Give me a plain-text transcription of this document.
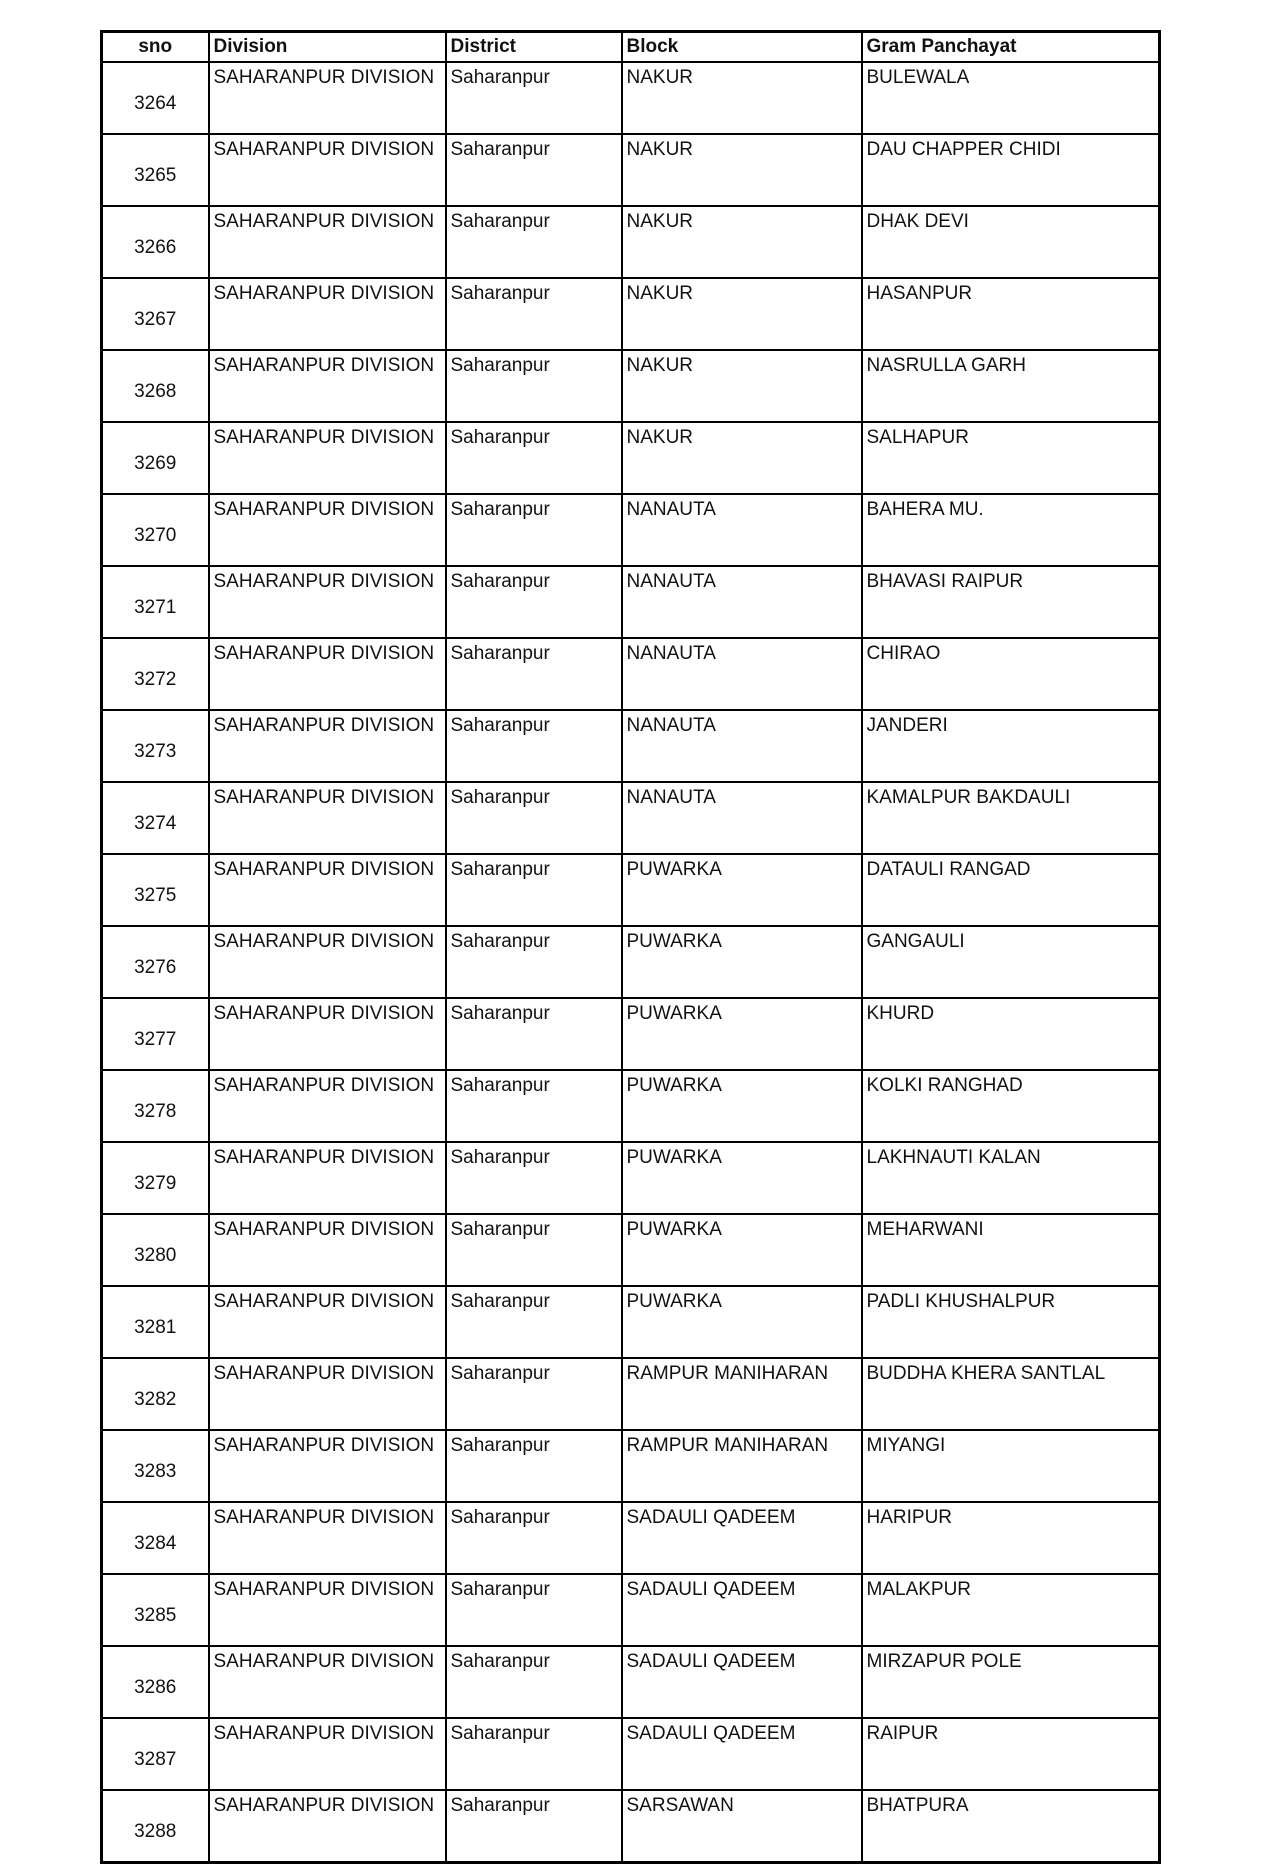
sno	Division	District	Block	Gram Panchayat
3264	SAHARANPUR DIVISION	Saharanpur	NAKUR	BULEWALA
3265	SAHARANPUR DIVISION	Saharanpur	NAKUR	DAU CHAPPER CHIDI
3266	SAHARANPUR DIVISION	Saharanpur	NAKUR	DHAK DEVI
3267	SAHARANPUR DIVISION	Saharanpur	NAKUR	HASANPUR
3268	SAHARANPUR DIVISION	Saharanpur	NAKUR	NASRULLA GARH
3269	SAHARANPUR DIVISION	Saharanpur	NAKUR	SALHAPUR
3270	SAHARANPUR DIVISION	Saharanpur	NANAUTA	BAHERA MU.
3271	SAHARANPUR DIVISION	Saharanpur	NANAUTA	BHAVASI RAIPUR
3272	SAHARANPUR DIVISION	Saharanpur	NANAUTA	CHIRAO
3273	SAHARANPUR DIVISION	Saharanpur	NANAUTA	JANDERI
3274	SAHARANPUR DIVISION	Saharanpur	NANAUTA	KAMALPUR BAKDAULI
3275	SAHARANPUR DIVISION	Saharanpur	PUWARKA	DATAULI RANGAD
3276	SAHARANPUR DIVISION	Saharanpur	PUWARKA	GANGAULI
3277	SAHARANPUR DIVISION	Saharanpur	PUWARKA	KHURD
3278	SAHARANPUR DIVISION	Saharanpur	PUWARKA	KOLKI RANGHAD
3279	SAHARANPUR DIVISION	Saharanpur	PUWARKA	LAKHNAUTI KALAN
3280	SAHARANPUR DIVISION	Saharanpur	PUWARKA	MEHARWANI
3281	SAHARANPUR DIVISION	Saharanpur	PUWARKA	PADLI KHUSHALPUR
3282	SAHARANPUR DIVISION	Saharanpur	RAMPUR MANIHARAN	BUDDHA KHERA SANTLAL
3283	SAHARANPUR DIVISION	Saharanpur	RAMPUR MANIHARAN	MIYANGI
3284	SAHARANPUR DIVISION	Saharanpur	SADAULI QADEEM	HARIPUR
3285	SAHARANPUR DIVISION	Saharanpur	SADAULI QADEEM	MALAKPUR
3286	SAHARANPUR DIVISION	Saharanpur	SADAULI QADEEM	MIRZAPUR POLE
3287	SAHARANPUR DIVISION	Saharanpur	SADAULI QADEEM	RAIPUR
3288	SAHARANPUR DIVISION	Saharanpur	SARSAWAN	BHATPURA
